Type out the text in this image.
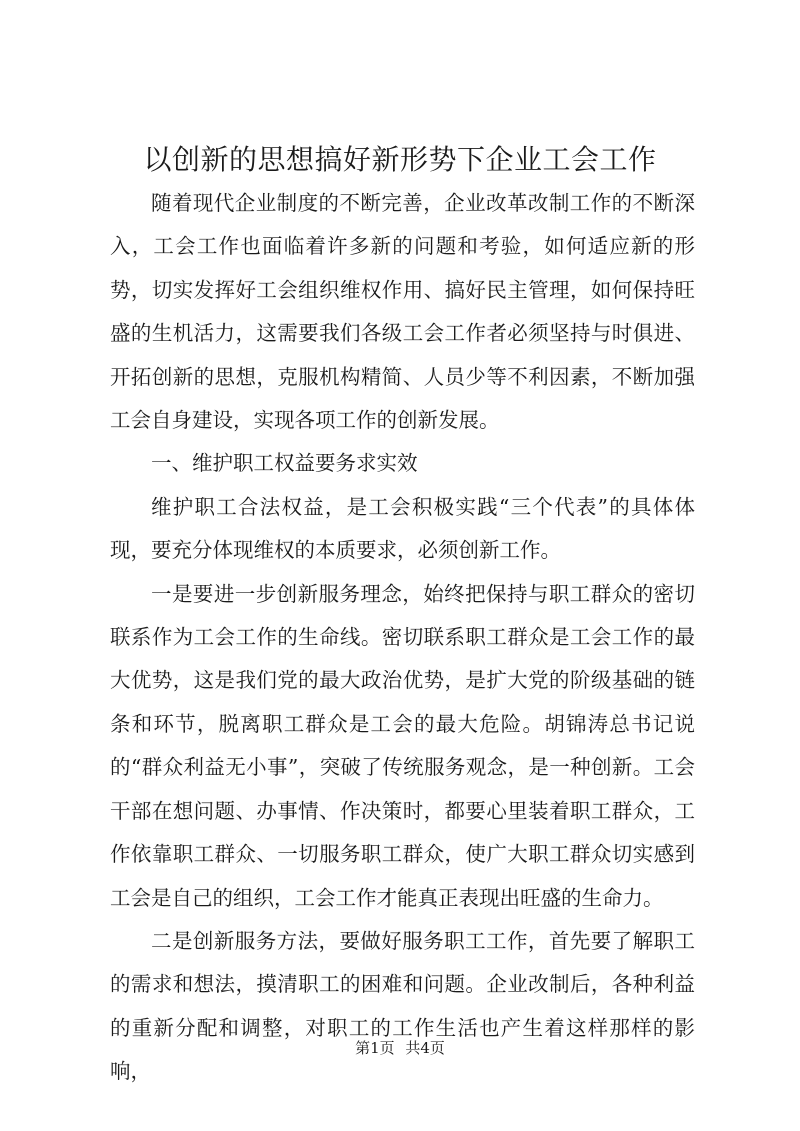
以创新的思想搞好新形势下企业工会工作

随着现代企业制度的不断完善，企业改革改制工作的不断深入，工会工作也面临着许多新的问题和考验，如何适应新的形势，切实发挥好工会组织维权作用、搞好民主管理，如何保持旺盛的生机活力，这需要我们各级工会工作者必须坚持与时俱进、开拓创新的思想，克服机构精简、人员少等不利因素，不断加强工会自身建设，实现各项工作的创新发展。

一、维护职工权益要务求实效

维护职工合法权益，是工会积极实践“三个代表”的具体体现，要充分体现维权的本质要求，必须创新工作。

一是要进一步创新服务理念，始终把保持与职工群众的密切联系作为工会工作的生命线。密切联系职工群众是工会工作的最大优势，这是我们党的最大政治优势，是扩大党的阶级基础的链条和环节，脱离职工群众是工会的最大危险。胡锦涛总书记说的“群众利益无小事”，突破了传统服务观念，是一种创新。工会干部在想问题、办事情、作决策时，都要心里装着职工群众，工作依靠职工群众、一切服务职工群众，使广大职工群众切实感到工会是自己的组织，工会工作才能真正表现出旺盛的生命力。

二是创新服务方法，要做好服务职工工作，首先要了解职工的需求和想法，摸清职工的困难和问题。企业改制后，各种利益的重新分配和调整，对职工的工作生活也产生着这样那样的影响，

第1页 共4页
